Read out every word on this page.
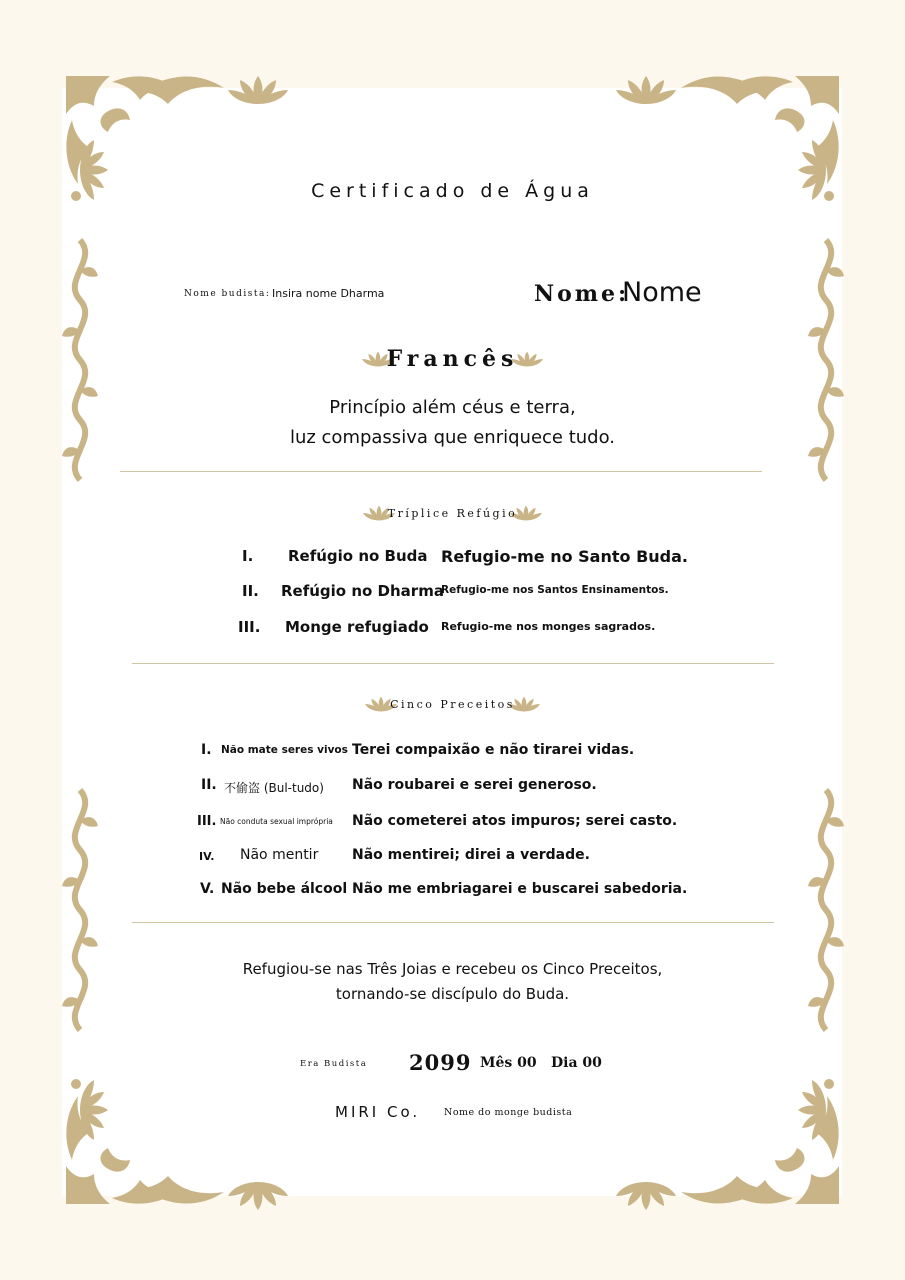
Certificado de Água
Nome budista: Insira nome Dharma	Nome:
Nome
Francês
Princípio além céus e terra,
luz compassiva que enriquece tudo.
Tríplice Refúgio
I. Refúgio no Buda Refugio-me no Santo Buda.
II. Refúgio no Dharma
Refugio-me nos Santos Ensinamentos.
III. Monge refugiado Refugio-me nos monges sagrados.
Cinco Preceitos
I. Não mate seres vivos Terei compaixão e não tirarei vidas.
II. 不偷盗 (Bul-tudo) Não roubarei e serei generoso.
III. Não conduta sexual imprópria Não cometerei atos impuros; serei casto.
IV. Não mentir Não mentirei; direi a verdade.
V. Não bebe álcool Não me embriagarei e buscarei sabedoria.
Refugiou-se nas Três Joias e recebeu os Cinco Preceitos,
tornando-se discípulo do Buda.
Era Budista 2099 Mês 00 Dia 00
MIRI Co.	Nome do monge budista
